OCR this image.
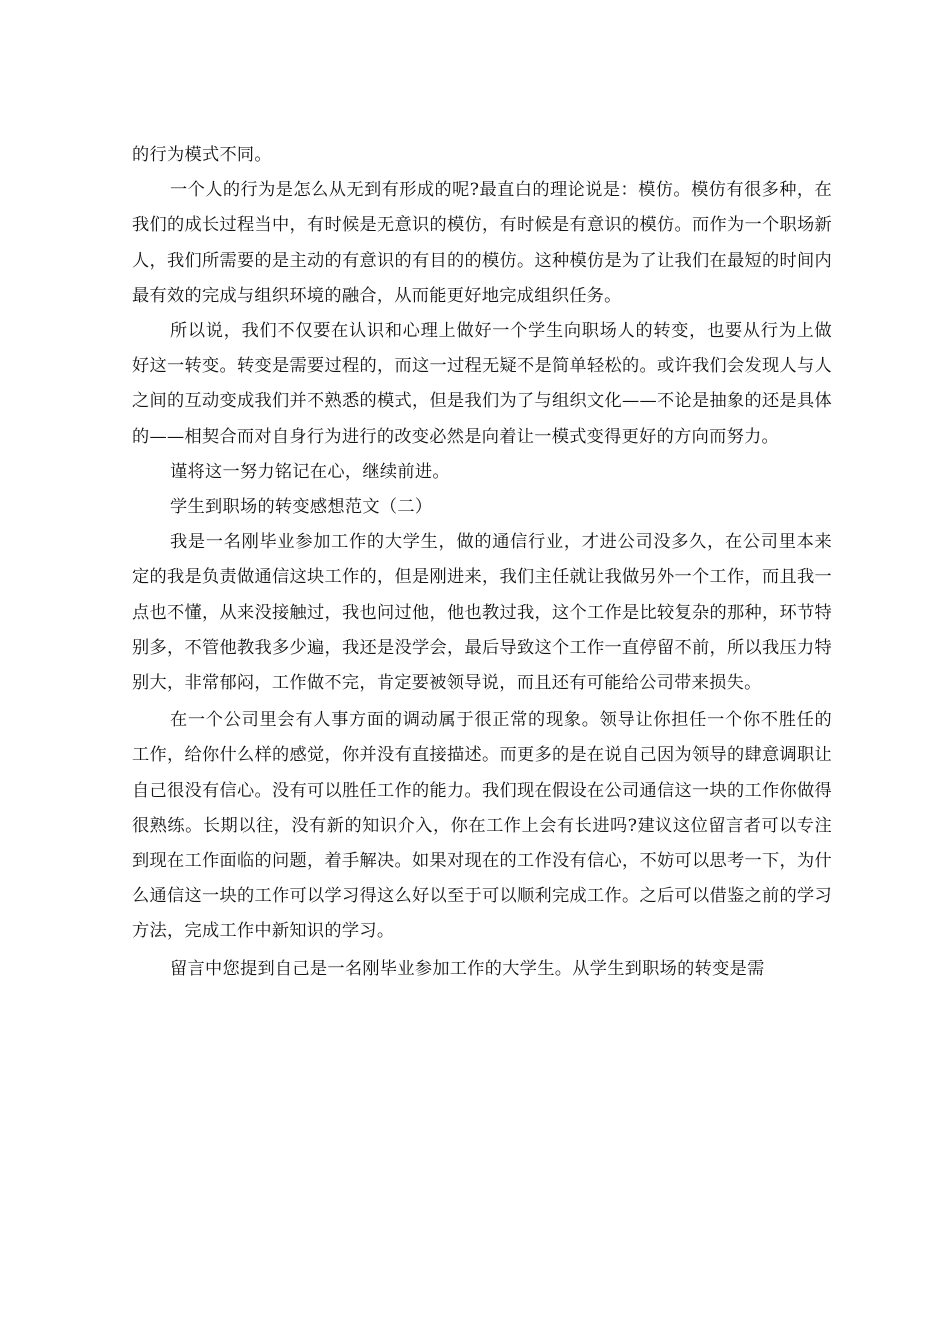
的行为模式不同。

一个人的行为是怎么从无到有形成的呢?最直白的理论说是：模仿。模仿有很多种，在我们的成长过程当中，有时候是无意识的模仿，有时候是有意识的模仿。而作为一个职场新人，我们所需要的是主动的有意识的有目的的模仿。这种模仿是为了让我们在最短的时间内最有效的完成与组织环境的融合，从而能更好地完成组织任务。

所以说，我们不仅要在认识和心理上做好一个学生向职场人的转变，也要从行为上做好这一转变。转变是需要过程的，而这一过程无疑不是简单轻松的。或许我们会发现人与人之间的互动变成我们并不熟悉的模式，但是我们为了与组织文化——不论是抽象的还是具体的——相契合而对自身行为进行的改变必然是向着让一模式变得更好的方向而努力。

谨将这一努力铭记在心，继续前进。

学生到职场的转变感想范文（二）

我是一名刚毕业参加工作的大学生，做的通信行业，才进公司没多久，在公司里本来定的我是负责做通信这块工作的，但是刚进来，我们主任就让我做另外一个工作，而且我一点也不懂，从来没接触过，我也问过他，他也教过我，这个工作是比较复杂的那种，环节特别多，不管他教我多少遍，我还是没学会，最后导致这个工作一直停留不前，所以我压力特别大，非常郁闷，工作做不完，肯定要被领导说，而且还有可能给公司带来损失。

在一个公司里会有人事方面的调动属于很正常的现象。领导让你担任一个你不胜任的工作，给你什么样的感觉，你并没有直接描述。而更多的是在说自己因为领导的肆意调职让自己很没有信心。没有可以胜任工作的能力。我们现在假设在公司通信这一块的工作你做得很熟练。长期以往，没有新的知识介入，你在工作上会有长进吗?建议这位留言者可以专注到现在工作面临的问题，着手解决。如果对现在的工作没有信心，不妨可以思考一下，为什么通信这一块的工作可以学习得这么好以至于可以顺利完成工作。之后可以借鉴之前的学习方法，完成工作中新知识的学习。

留言中您提到自己是一名刚毕业参加工作的大学生。从学生到职场的转变是需
